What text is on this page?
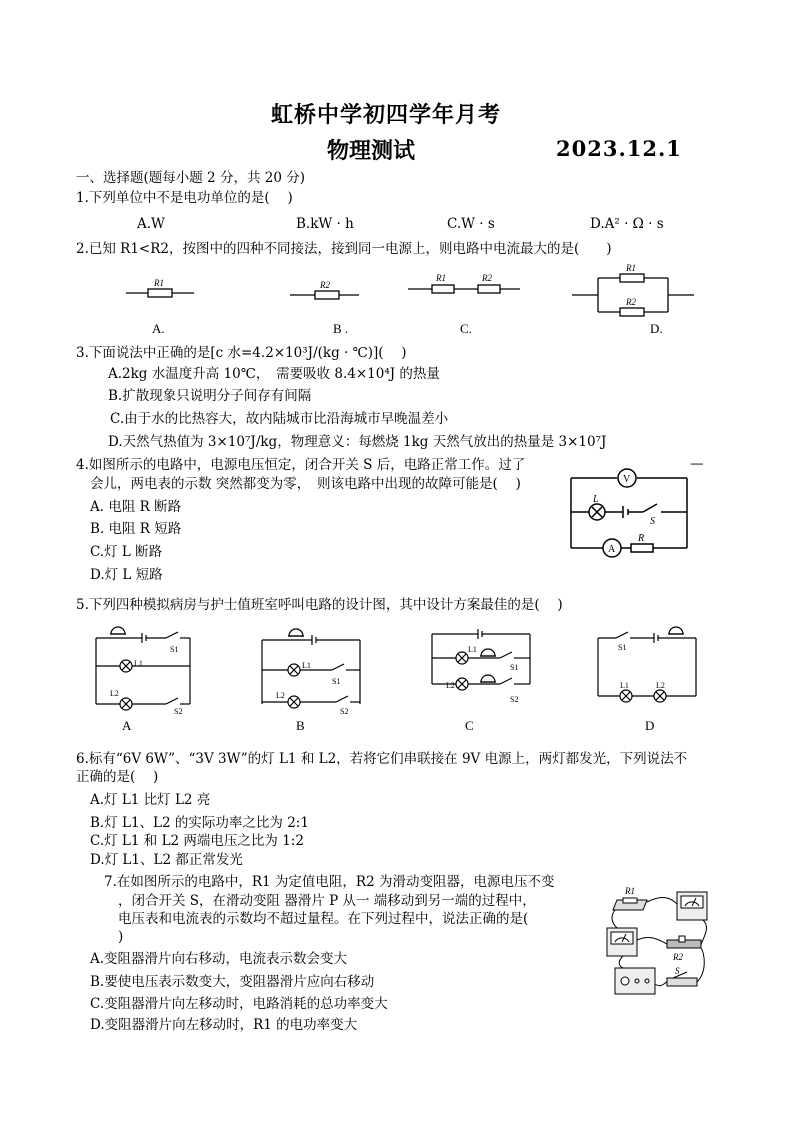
虹桥中学初四学年月考
物理测试	2023.12.1
一、选择题(题每小题 2 分，共 20 分)
1.下列单位中不是电功单位的是(　 )
A.W	B.kW · h	C.W · s	D.A² · Ω · s
2.已知 R1<R2，按图中的四种不同接法，接到同一电源上，则电路中电流最大的是(　　)
R1	R2
R1	R2
R1
R2
A.	B .	C.	D.
3.下面说法中正确的是[c 水=4.2×10³J/(kg · ℃)](　 )
A.2kg 水温度升高 10℃，　需要吸收 8.4×10⁴J 的热量
B.扩散现象只说明分子间存有间隔
C.由于水的比热容大，故内陆城市比沿海城市早晚温差小
D.天然气热值为 3×10⁷J/kg，物理意义：每燃烧 1kg 天然气放出的热量是 3×10⁷J
4.如图所示的电路中，电源电压恒定，闭合开关 S 后，电路正常工作。过了	—
会儿，两电表的示数 突然都变为零，　则该电路中出现的故障可能是(　 )
A. 电阻 R 断路
B. 电阻 R 短路
C.灯 L 断路
D.灯 L 短路
V
A
L
S
R
5.下列四种模拟病房与护士值班室呼叫电路的设计图，其中设计方案最佳的是(　 )
L1
S1
L2
S2
L1
S1
L2
S2
L1
S1
L2
S2
S1
L1	L2
A	B	C	D
6.标有“6V 6W”、“3V 3W”的灯 L1 和 L2，若将它们串联接在 9V 电源上，两灯都发光，下列说法不
正确的是(　 )
A.灯 L1 比灯 L2 亮
B.灯 L1、L2 的实际功率之比为 2:1
C.灯 L1 和 L2 两端电压之比为 1:2
D.灯 L1、L2 都正常发光
7.在如图所示的电路中，R1 为定值电阻，R2 为滑动变阻器，电源电压不变
，闭合开关 S，在滑动变阻 器滑片 P 从一 端移动到另一端的过程中，
电压表和电流表的示数均不超过量程。在下列过程中，说法正确的是(
)
A.变阻器滑片向右移动，电流表示数会变大
B.要使电压表示数变大，变阻器滑片应向右移动
C.变阻器滑片向左移动时，电路消耗的总功率变大
D.变阻器滑片向左移动时，R1 的电功率变大
R1
R2
S
